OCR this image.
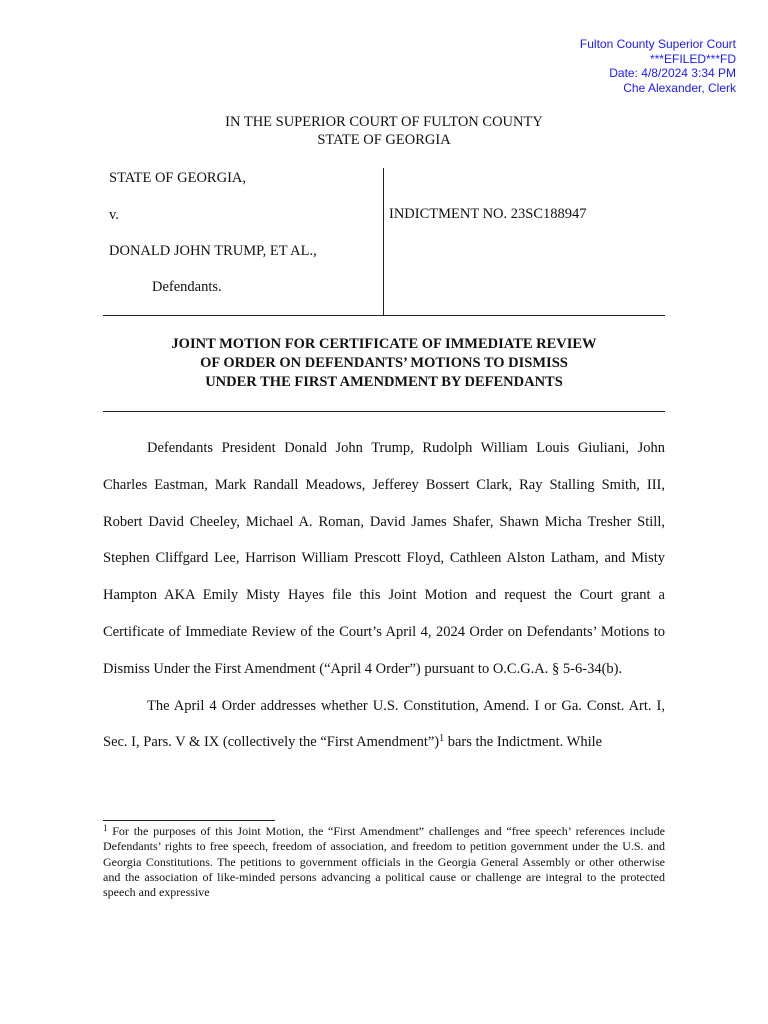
Fulton County Superior Court
***EFILED***FD
Date: 4/8/2024 3:34 PM
Che Alexander, Clerk
IN THE SUPERIOR COURT OF FULTON COUNTY
STATE OF GEORGIA
STATE OF GEORGIA,
v.
DONALD JOHN TRUMP, ET AL.,
Defendants.
INDICTMENT NO. 23SC188947
JOINT MOTION FOR CERTIFICATE OF IMMEDIATE REVIEW
OF ORDER ON DEFENDANTS’ MOTIONS TO DISMISS
UNDER THE FIRST AMENDMENT BY DEFENDANTS

Defendants President Donald John Trump, Rudolph William Louis Giuliani, John Charles Eastman, Mark Randall Meadows, Jefferey Bossert Clark, Ray Stalling Smith, III, Robert David Cheeley, Michael A. Roman, David James Shafer, Shawn Micha Tresher Still, Stephen Cliffgard Lee, Harrison William Prescott Floyd, Cathleen Alston Latham, and Misty Hampton AKA Emily Misty Hayes file this Joint Motion and request the Court grant a Certificate of Immediate Review of the Court’s April 4, 2024 Order on Defendants’ Motions to Dismiss Under the First Amendment (“April 4 Order”) pursuant to O.C.G.A. § 5-6-34(b).

The April 4 Order addresses whether U.S. Constitution, Amend. I or Ga. Const. Art. I, Sec. I, Pars. V & IX (collectively the “First Amendment”)$^1$ bars the Indictment. While

$^1$ For the purposes of this Joint Motion, the “First Amendment” challenges and “free speech’ references include Defendants’ rights to free speech, freedom of association, and freedom to petition government under the U.S. and Georgia Constitutions. The petitions to government officials in the Georgia General Assembly or other otherwise and the association of like-minded persons advancing a political cause or challenge are integral to the protected speech and expressive
